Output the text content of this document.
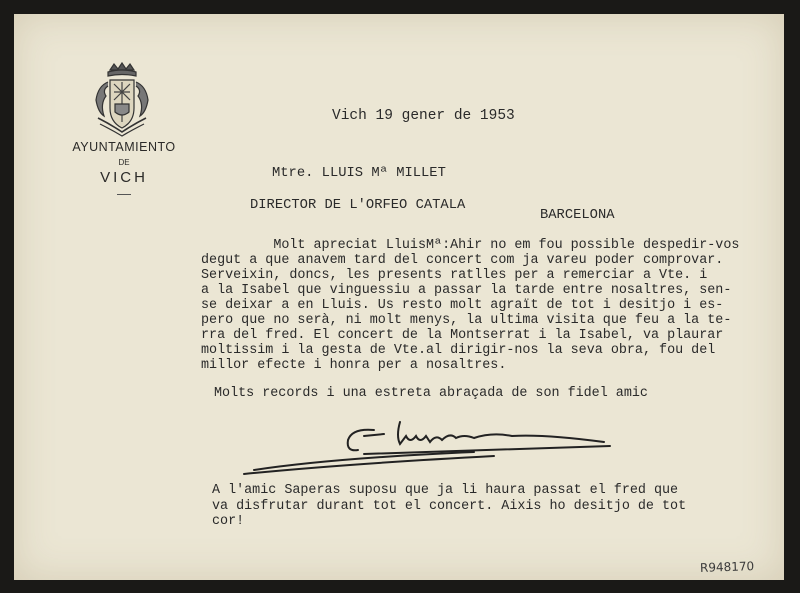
AYUNTAMIENTO
DE
VICH
Vich 19 gener de 1953
Mtre. LLUIS Mª MILLET
DIRECTOR DE L'ORFEO CATALA
BARCELONA
Molt apreciat LluisMª:Ahir no em fou possible despedir-vos
degut a que anavem tard del concert com ja vareu poder comprovar.
Serveixin, doncs, les presents ratlles per a remerciar a Vte. i
a la Isabel que vinguessiu a passar la tarde entre nosaltres, sen-
se deixar a en Lluis. Us resto molt agraït de tot i desitjo i es-
pero que no serà, ni molt menys, la ultima visita que feu a la te-
rra del fred. El concert de la Montserrat i la Isabel, va plaurar
moltissim i la gesta de Vte.al dirigir-nos la seva obra, fou del
millor efecte i honra per a nosaltres.
Molts records i una estreta abraçada de son fidel amic
A l'amic Saperas suposu que ja li haura passat el fred que
va disfrutar durant tot el concert. Aixis ho desitjo de tot
cor!
R948170
